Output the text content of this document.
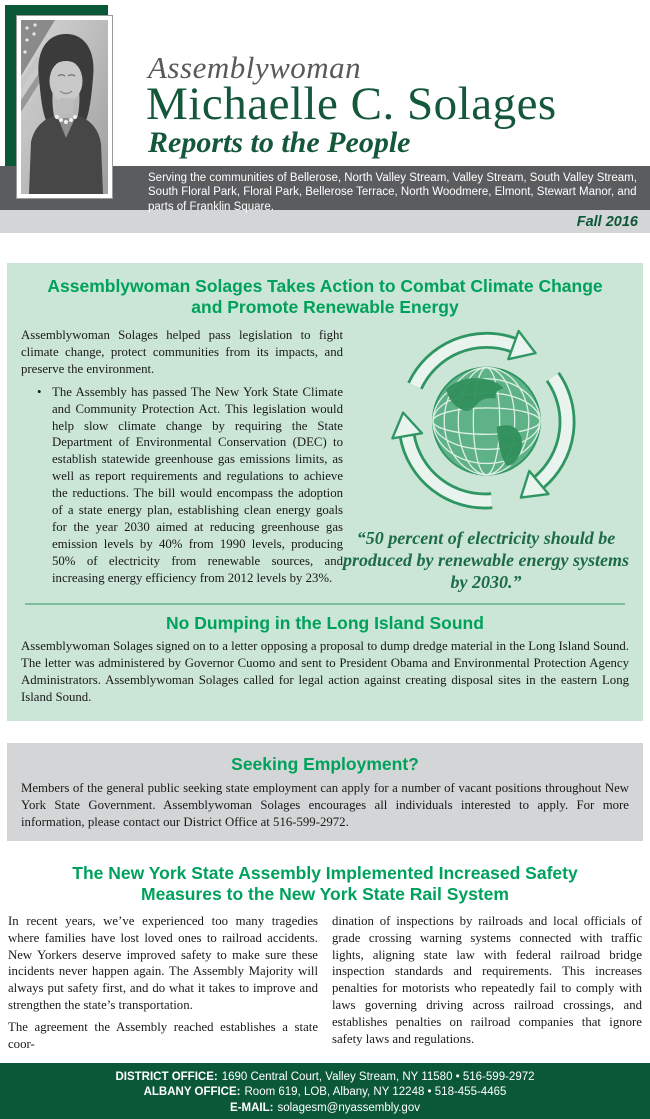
Assemblywoman
Michaelle C. Solages
Reports to the People
Serving the communities of Bellerose, North Valley Stream, Valley Stream, South Valley Stream, South Floral Park, Floral Park, Bellerose Terrace, North Woodmere, Elmont, Stewart Manor, and parts of Franklin Square.
Fall 2016
Assemblywoman Solages Takes Action to Combat Climate Change
and Promote Renewable Energy
Assemblywoman Solages helped pass legislation to fight climate change, protect communities from its impacts, and preserve the environment.
• The Assembly has passed The New York State Climate and Community Protection Act. This legislation would help slow climate change by requiring the State Department of Environmental Conservation (DEC) to establish statewide greenhouse gas emissions limits, as well as report requirements and regulations to achieve the reductions. The bill would encompass the adoption of a state energy plan, establishing clean energy goals for the year 2030 aimed at reducing greenhouse gas emission levels by 40% from 1990 levels, producing 50% of electricity from renewable sources, and increasing energy efficiency from 2012 levels by 23%.
“50 percent of electricity should be produced by renewable energy systems by 2030.”
No Dumping in the Long Island Sound
Assemblywoman Solages signed on to a letter opposing a proposal to dump dredge material in the Long Island Sound. The letter was administered by Governor Cuomo and sent to President Obama and Environmental Protection Agency Administrators. Assemblywoman Solages called for legal action against creating disposal sites in the eastern Long Island Sound.
Seeking Employment?
Members of the general public seeking state employment can apply for a number of vacant positions throughout New York State Government. Assemblywoman Solages encourages all individuals interested to apply. For more information, please contact our District Office at 516-599-2972.
The New York State Assembly Implemented Increased Safety
Measures to the New York State Rail System
In recent years, we’ve experienced too many tragedies where families have lost loved ones to railroad accidents. New Yorkers deserve improved safety to make sure these incidents never happen again. The Assembly Majority will always put safety first, and do what it takes to improve and strengthen the state’s transportation.
The agreement the Assembly reached establishes a state coor-
dination of inspections by railroads and local officials of grade crossing warning systems connected with traffic lights, aligning state law with federal railroad bridge inspection standards and requirements. This increases penalties for motorists who repeatedly fail to comply with laws governing driving across railroad crossings, and establishes penalties on railroad companies that ignore safety laws and regulations.
DISTRICT OFFICE: 1690 Central Court, Valley Stream, NY 11580 • 516-599-2972
ALBANY OFFICE: Room 619, LOB, Albany, NY 12248 • 518-455-4465
E-MAIL: solagesm@nyassembly.gov
